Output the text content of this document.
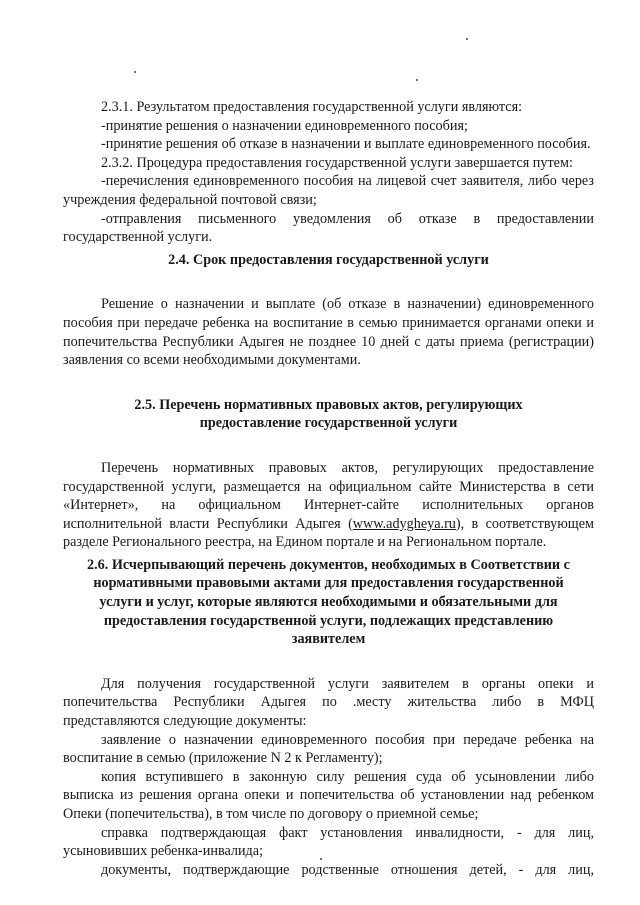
2.3.1. Результатом предоставления государственной услуги являются:

-принятие решения о назначении единовременного пособия;

-принятие решения об отказе в назначении и выплате единовременного пособия.

2.3.2. Процедура предоставления государственной услуги завершается путем:

-перечисления единовременного пособия на лицевой счет заявителя, либо через учреждения федеральной почтовой связи;

-отправления письменного уведомления об отказе в предоставлении государственной услуги.

2.4. Срок предоставления государственной услуги

Решение о назначении и выплате (об отказе в назначении) единовременного пособия при передаче ребенка на воспитание в семью принимается органами опеки и попечительства Республики Адыгея не позднее 10 дней с даты приема (регистрации) заявления со всеми необходимыми документами.

2.5. Перечень нормативных правовых актов, регулирующих предоставление государственной услуги

Перечень нормативных правовых актов, регулирующих предоставление государственной услуги, размещается на официальном сайте Министерства в сети «Интернет», на официальном Интернет-сайте исполнительных органов исполнительной власти Республики Адыгея (www.adygheya.ru), в соответствующем разделе Регионального реестра, на Едином портале и на Региональном портале.

2.6. Исчерпывающий перечень документов, необходимых в Соответствии с нормативными правовыми актами для предоставления государственной услуги и услуг, которые являются необходимыми и обязательными для предоставления государственной услуги, подлежащих представлению заявителем

Для получения государственной услуги заявителем в органы опеки и попечительства Республики Адыгея по .месту жительства либо в МФЦ представляются следующие документы:

заявление о назначении единовременного пособия при передаче ребенка на воспитание в семью (приложение N 2 к Регламенту);

копия вступившего в законную силу решения суда об усыновлении либо выписка из решения органа опеки и попечительства об установлении над ребенком Опеки (попечительства), в том числе по договору о приемной семье;

справка подтверждающая факт установления инвалидности, - для лиц, усыновивших ребенка-инвалида;

документы, подтверждающие родственные отношения детей, - для лиц,
